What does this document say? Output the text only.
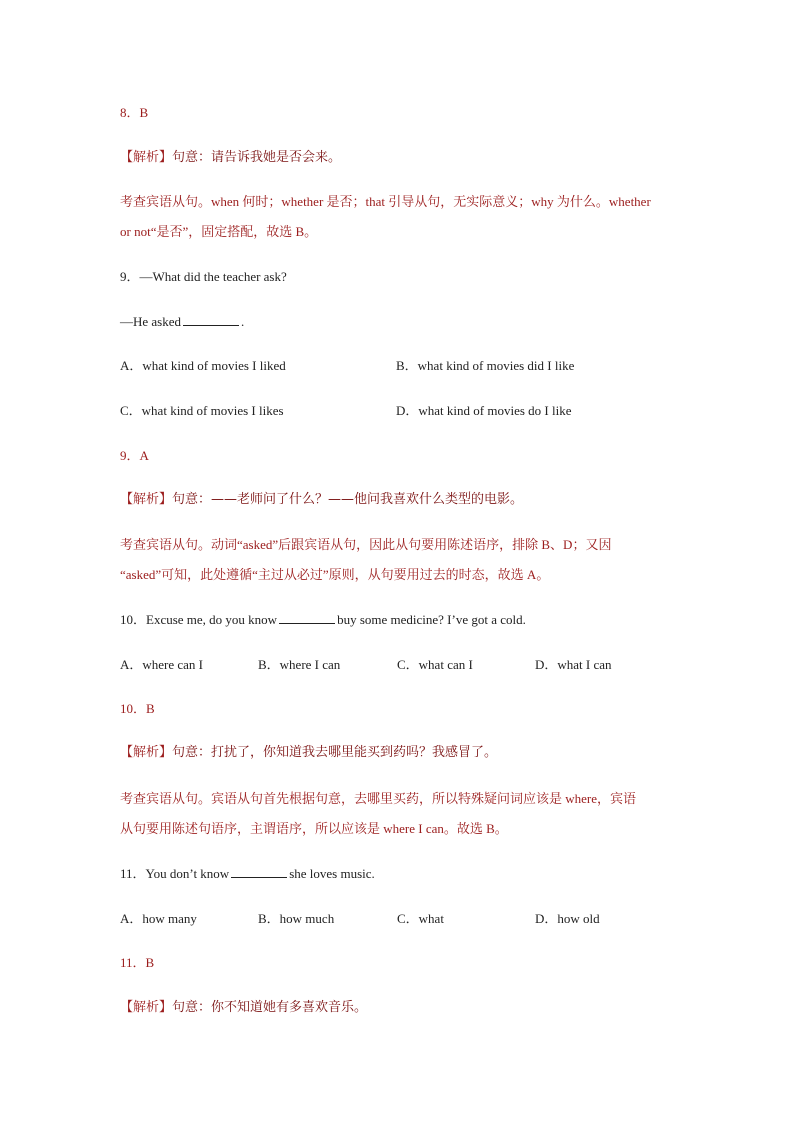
8．B
【解析】句意：请告诉我她是否会来。
考查宾语从句。when 何时；whether 是否；that 引导从句，无实际意义；why 为什么。whether
or not“是否”，固定搭配，故选 B。
9．—What did the teacher ask?
—He asked	.
A．what kind of movies I liked	B．what kind of movies did I like
C．what kind of movies I likes	D．what kind of movies do I like
9．A
【解析】句意：——老师问了什么？——他问我喜欢什么类型的电影。
考查宾语从句。动词“asked”后跟宾语从句，因此从句要用陈述语序，排除 B、D；又因
“asked”可知，此处遵循“主过从必过”原则，从句要用过去的时态，故选 A。
10．Excuse me, do you know	buy some medicine? I’ve got a cold.
A．where can I	B．where I can	C．what can I	D．what I can
10．B
【解析】句意：打扰了，你知道我去哪里能买到药吗？我感冒了。
考查宾语从句。宾语从句首先根据句意，去哪里买药，所以特殊疑问词应该是 where，宾语
从句要用陈述句语序，主谓语序，所以应该是 where I can。故选 B。
11．You don’t know	she loves music.
A．how many	B．how much	C．what	D．how old
11．B
【解析】句意：你不知道她有多喜欢音乐。
